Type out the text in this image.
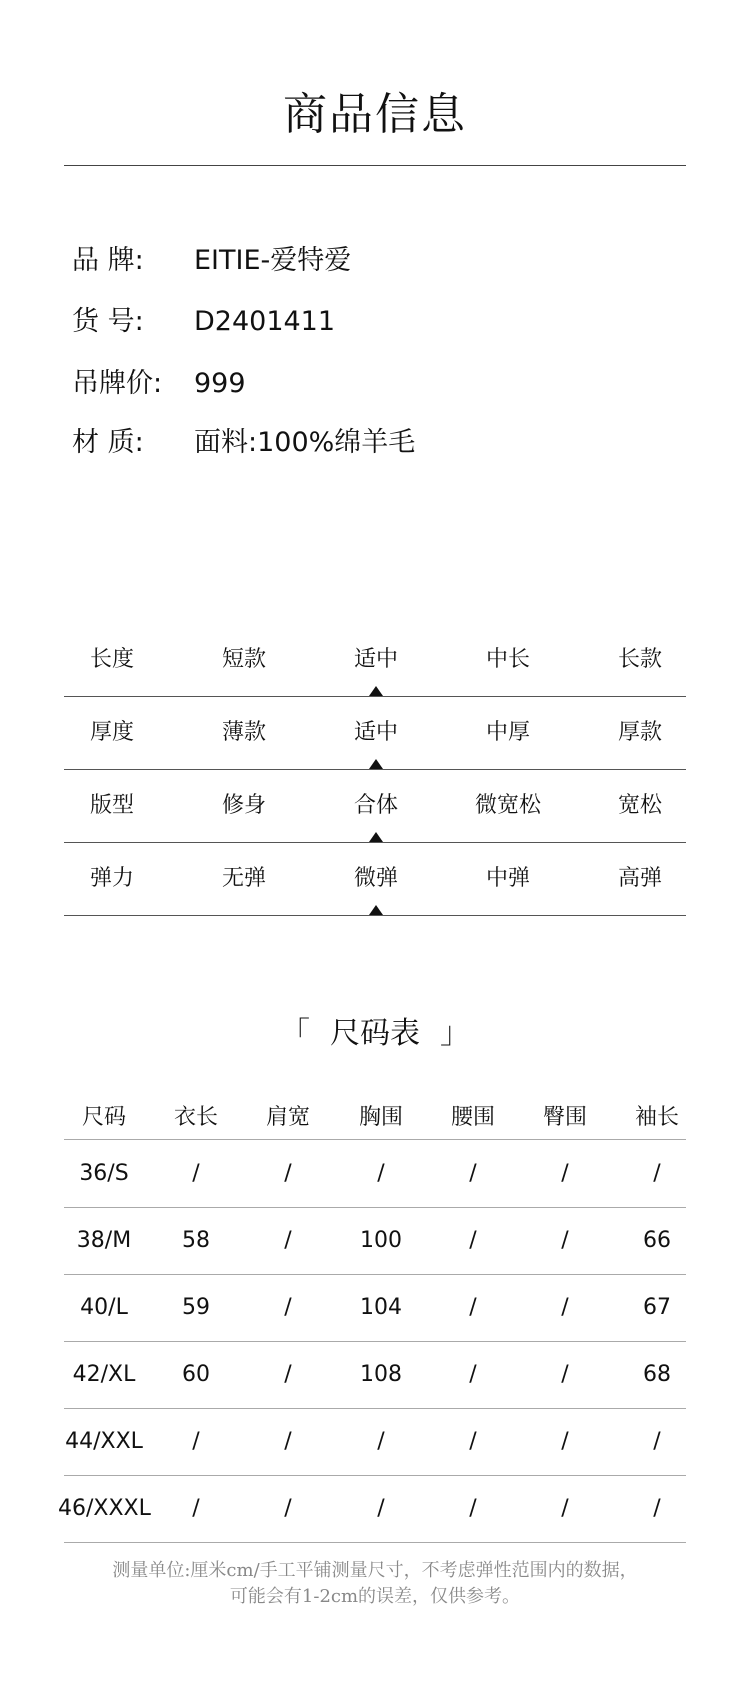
商品信息
品 牌:	EITIE-爱特爱
货 号:	D2401411
吊牌价:	999
材 质:	面料:100%绵羊毛
长度	短款	适中	中长	长款
厚度	薄款	适中	中厚	厚款
版型	修身	合体	微宽松	宽松
弹力	无弹	微弹	中弹	高弹
「 尺码表 」
尺码	衣长	肩宽	胸围	腰围	臀围	袖长
36/S	/	/	/	/	/	/
38/M	58	/	100	/	/	66
40/L	59	/	104	/	/	67
42/XL	60	/	108	/	/	68
44/XXL	/	/	/	/	/	/
46/XXXL	/	/	/	/	/	/
测量单位:厘米cm/手工平铺测量尺寸，不考虑弹性范围内的数据，
可能会有1-2cm的误差，仅供参考。
